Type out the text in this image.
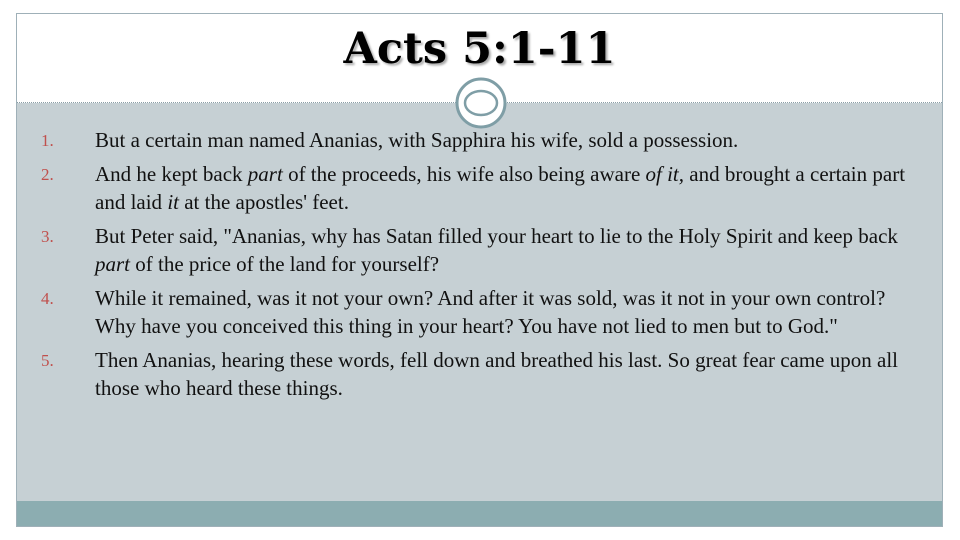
Acts 5:1-11
1. But a certain man named Ananias, with Sapphira his wife, sold a possession.
2. And he kept back part of the proceeds, his wife also being aware of it, and brought a certain part and laid it at the apostles' feet.
3. But Peter said, "Ananias, why has Satan filled your heart to lie to the Holy Spirit and keep back part of the price of the land for yourself?
4. While it remained, was it not your own? And after it was sold, was it not in your own control? Why have you conceived this thing in your heart? You have not lied to men but to God."
5. Then Ananias, hearing these words, fell down and breathed his last. So great fear came upon all those who heard these things.
